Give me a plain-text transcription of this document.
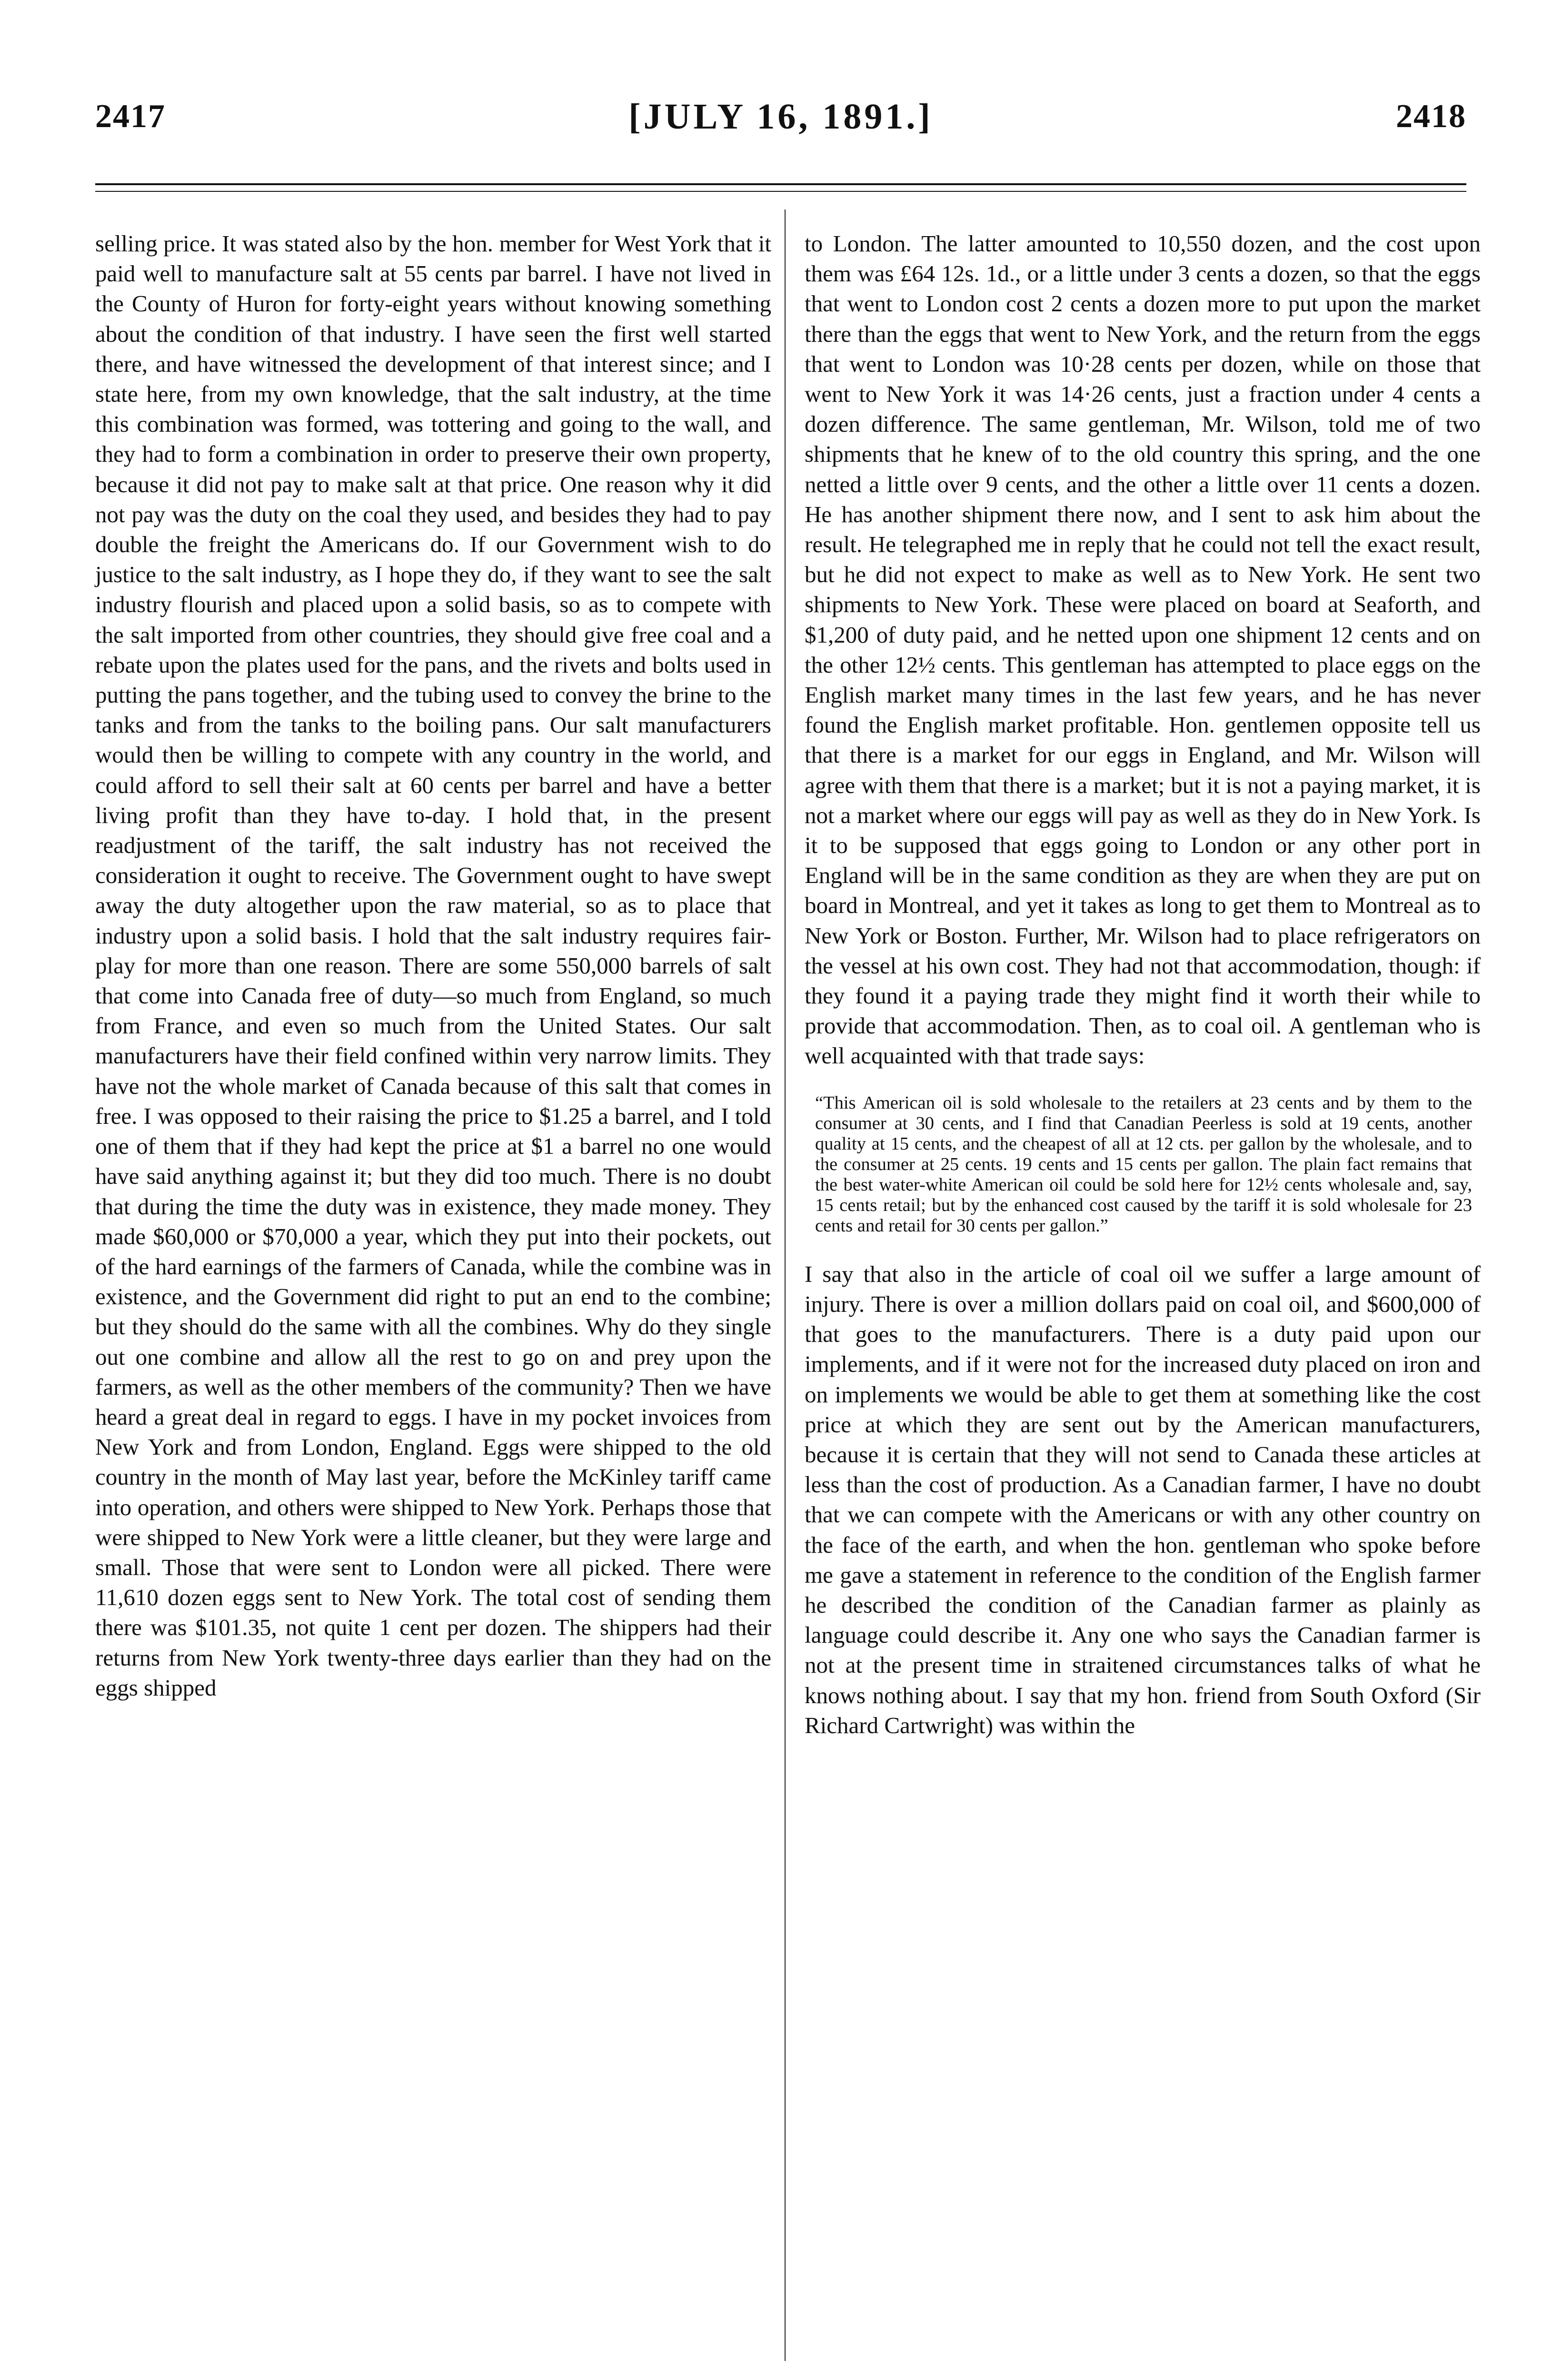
2417	[JULY 16, 1891.]	2418

selling price. It was stated also by the hon. member for West York that it paid well to manufacture salt at 55 cents par barrel. I have not lived in the County of Huron for forty-eight years without knowing something about the condition of that industry. I have seen the first well started there, and have witnessed the development of that interest since; and I state here, from my own knowledge, that the salt industry, at the time this combination was formed, was tottering and going to the wall, and they had to form a combination in order to preserve their own property, because it did not pay to make salt at that price. One reason why it did not pay was the duty on the coal they used, and besides they had to pay double the freight the Americans do. If our Government wish to do justice to the salt industry, as I hope they do, if they want to see the salt industry flourish and placed upon a solid basis, so as to compete with the salt imported from other countries, they should give free coal and a rebate upon the plates used for the pans, and the rivets and bolts used in putting the pans together, and the tubing used to convey the brine to the tanks and from the tanks to the boiling pans. Our salt manufacturers would then be willing to compete with any country in the world, and could afford to sell their salt at 60 cents per barrel and have a better living profit than they have to-day. I hold that, in the present readjustment of the tariff, the salt industry has not received the consideration it ought to receive. The Government ought to have swept away the duty altogether upon the raw material, so as to place that industry upon a solid basis. I hold that the salt industry requires fair-play for more than one reason. There are some 550,000 barrels of salt that come into Canada free of duty—so much from England, so much from France, and even so much from the United States. Our salt manufacturers have their field confined within very narrow limits. They have not the whole market of Canada because of this salt that comes in free. I was opposed to their raising the price to $1.25 a barrel, and I told one of them that if they had kept the price at $1 a barrel no one would have said anything against it; but they did too much. There is no doubt that during the time the duty was in existence, they made money. They made $60,000 or $70,000 a year, which they put into their pockets, out of the hard earnings of the farmers of Canada, while the combine was in existence, and the Government did right to put an end to the combine; but they should do the same with all the combines. Why do they single out one combine and allow all the rest to go on and prey upon the farmers, as well as the other members of the community? Then we have heard a great deal in regard to eggs. I have in my pocket invoices from New York and from London, England. Eggs were shipped to the old country in the month of May last year, before the McKinley tariff came into operation, and others were shipped to New York. Perhaps those that were shipped to New York were a little cleaner, but they were large and small. Those that were sent to London were all picked. There were 11,610 dozen eggs sent to New York. The total cost of sending them there was $101.35, not quite 1 cent per dozen. The shippers had their returns from New York twenty-three days earlier than they had on the eggs shipped

to London. The latter amounted to 10,550 dozen, and the cost upon them was £64 12s. 1d., or a little under 3 cents a dozen, so that the eggs that went to London cost 2 cents a dozen more to put upon the market there than the eggs that went to New York, and the return from the eggs that went to London was 10·28 cents per dozen, while on those that went to New York it was 14·26 cents, just a fraction under 4 cents a dozen difference. The same gentleman, Mr. Wilson, told me of two shipments that he knew of to the old country this spring, and the one netted a little over 9 cents, and the other a little over 11 cents a dozen. He has another shipment there now, and I sent to ask him about the result. He telegraphed me in reply that he could not tell the exact result, but he did not expect to make as well as to New York. He sent two shipments to New York. These were placed on board at Seaforth, and $1,200 of duty paid, and he netted upon one shipment 12 cents and on the other 12½ cents. This gentleman has attempted to place eggs on the English market many times in the last few years, and he has never found the English market profitable. Hon. gentlemen opposite tell us that there is a market for our eggs in England, and Mr. Wilson will agree with them that there is a market; but it is not a paying market, it is not a market where our eggs will pay as well as they do in New York. Is it to be supposed that eggs going to London or any other port in England will be in the same condition as they are when they are put on board in Montreal, and yet it takes as long to get them to Montreal as to New York or Boston. Further, Mr. Wilson had to place refrigerators on the vessel at his own cost. They had not that accommodation, though: if they found it a paying trade they might find it worth their while to provide that accommodation. Then, as to coal oil. A gentleman who is well acquainted with that trade says:

“This American oil is sold wholesale to the retailers at 23 cents and by them to the consumer at 30 cents, and I find that Canadian Peerless is sold at 19 cents, another quality at 15 cents, and the cheapest of all at 12 cts. per gallon by the wholesale, and to the consumer at 25 cents. 19 cents and 15 cents per gallon. The plain fact remains that the best water-white American oil could be sold here for 12½ cents wholesale and, say, 15 cents retail; but by the enhanced cost caused by the tariff it is sold wholesale for 23 cents and retail for 30 cents per gallon.”

I say that also in the article of coal oil we suffer a large amount of injury. There is over a million dollars paid on coal oil, and $600,000 of that goes to the manufacturers. There is a duty paid upon our implements, and if it were not for the increased duty placed on iron and on implements we would be able to get them at something like the cost price at which they are sent out by the American manufacturers, because it is certain that they will not send to Canada these articles at less than the cost of production. As a Canadian farmer, I have no doubt that we can compete with the Americans or with any other country on the face of the earth, and when the hon. gentleman who spoke before me gave a statement in reference to the condition of the English farmer he described the condition of the Canadian farmer as plainly as language could describe it. Any one who says the Canadian farmer is not at the present time in straitened circumstances talks of what he knows nothing about. I say that my hon. friend from South Oxford (Sir Richard Cartwright) was within the
